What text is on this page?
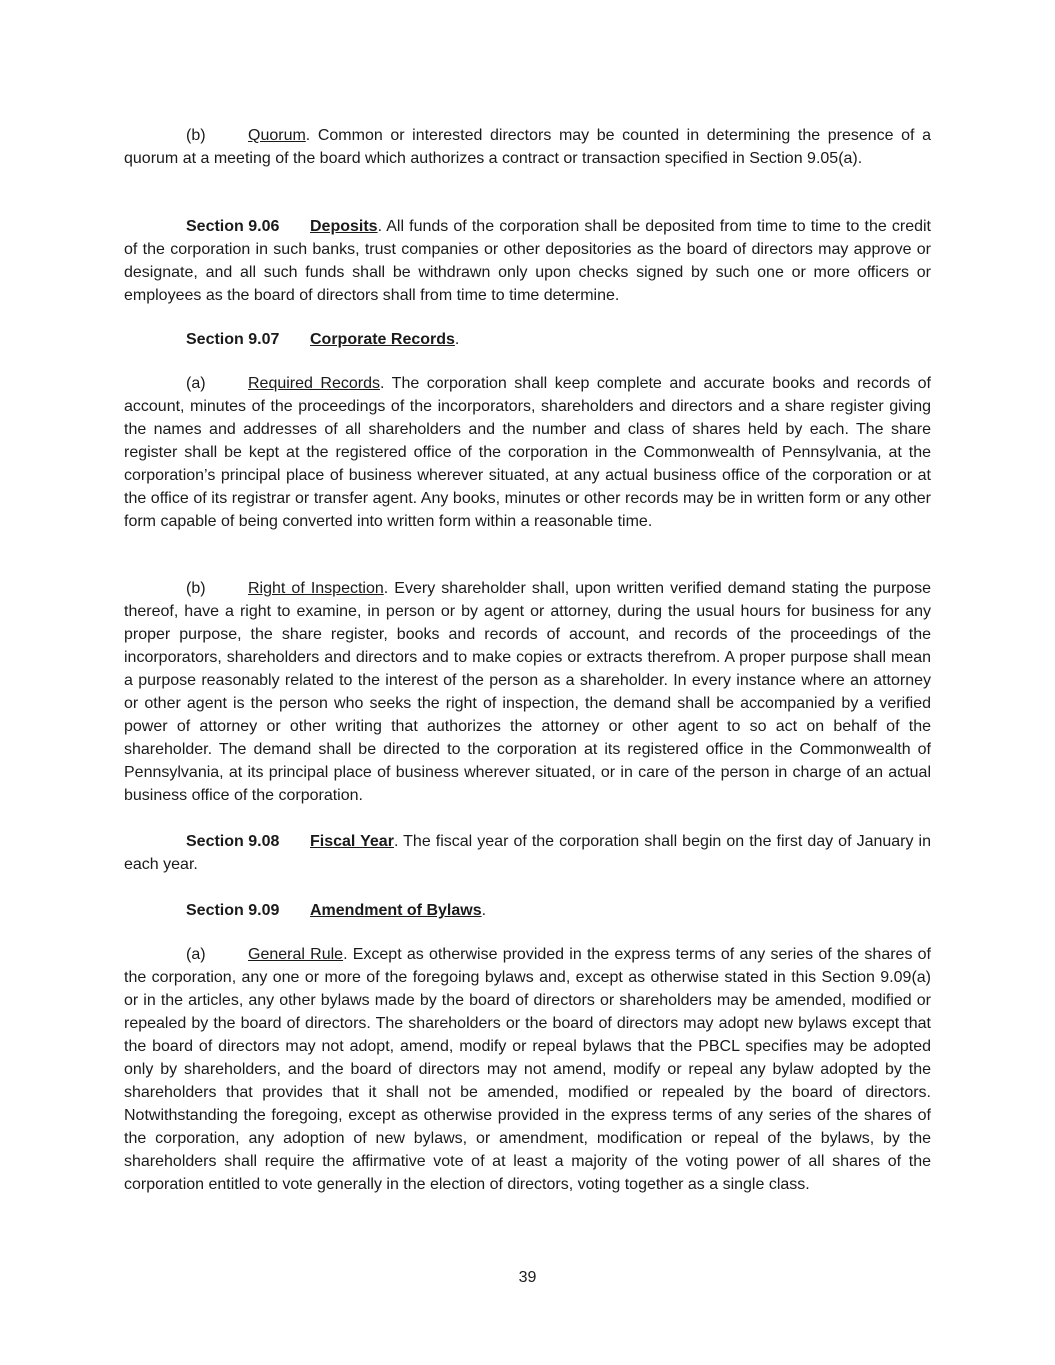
(b)	Quorum. Common or interested directors may be counted in determining the presence of a quorum at a meeting of the board which authorizes a contract or transaction specified in Section 9.05(a).

Section 9.06 Deposits. All funds of the corporation shall be deposited from time to time to the credit of the corporation in such banks, trust companies or other depositories as the board of directors may approve or designate, and all such funds shall be withdrawn only upon checks signed by such one or more officers or employees as the board of directors shall from time to time determine.

Section 9.07 Corporate Records.

(a)	Required Records. The corporation shall keep complete and accurate books and records of account, minutes of the proceedings of the incorporators, shareholders and directors and a share register giving the names and addresses of all shareholders and the number and class of shares held by each. The share register shall be kept at the registered office of the corporation in the Commonwealth of Pennsylvania, at the corporation’s principal place of business wherever situated, at any actual business office of the corporation or at the office of its registrar or transfer agent. Any books, minutes or other records may be in written form or any other form capable of being converted into written form within a reasonable time.

(b)	Right of Inspection. Every shareholder shall, upon written verified demand stating the purpose thereof, have a right to examine, in person or by agent or attorney, during the usual hours for business for any proper purpose, the share register, books and records of account, and records of the proceedings of the incorporators, shareholders and directors and to make copies or extracts therefrom. A proper purpose shall mean a purpose reasonably related to the interest of the person as a shareholder. In every instance where an attorney or other agent is the person who seeks the right of inspection, the demand shall be accompanied by a verified power of attorney or other writing that authorizes the attorney or other agent to so act on behalf of the shareholder. The demand shall be directed to the corporation at its registered office in the Commonwealth of Pennsylvania, at its principal place of business wherever situated, or in care of the person in charge of an actual business office of the corporation.

Section 9.08 Fiscal Year. The fiscal year of the corporation shall begin on the first day of January in each year.

Section 9.09 Amendment of Bylaws.

(a)	General Rule. Except as otherwise provided in the express terms of any series of the shares of the corporation, any one or more of the foregoing bylaws and, except as otherwise stated in this Section 9.09(a) or in the articles, any other bylaws made by the board of directors or shareholders may be amended, modified or repealed by the board of directors. The shareholders or the board of directors may adopt new bylaws except that the board of directors may not adopt, amend, modify or repeal bylaws that the PBCL specifies may be adopted only by shareholders, and the board of directors may not amend, modify or repeal any bylaw adopted by the shareholders that provides that it shall not be amended, modified or repealed by the board of directors. Notwithstanding the foregoing, except as otherwise provided in the express terms of any series of the shares of the corporation, any adoption of new bylaws, or amendment, modification or repeal of the bylaws, by the shareholders shall require the affirmative vote of at least a majority of the voting power of all shares of the corporation entitled to vote generally in the election of directors, voting together as a single class.

39
